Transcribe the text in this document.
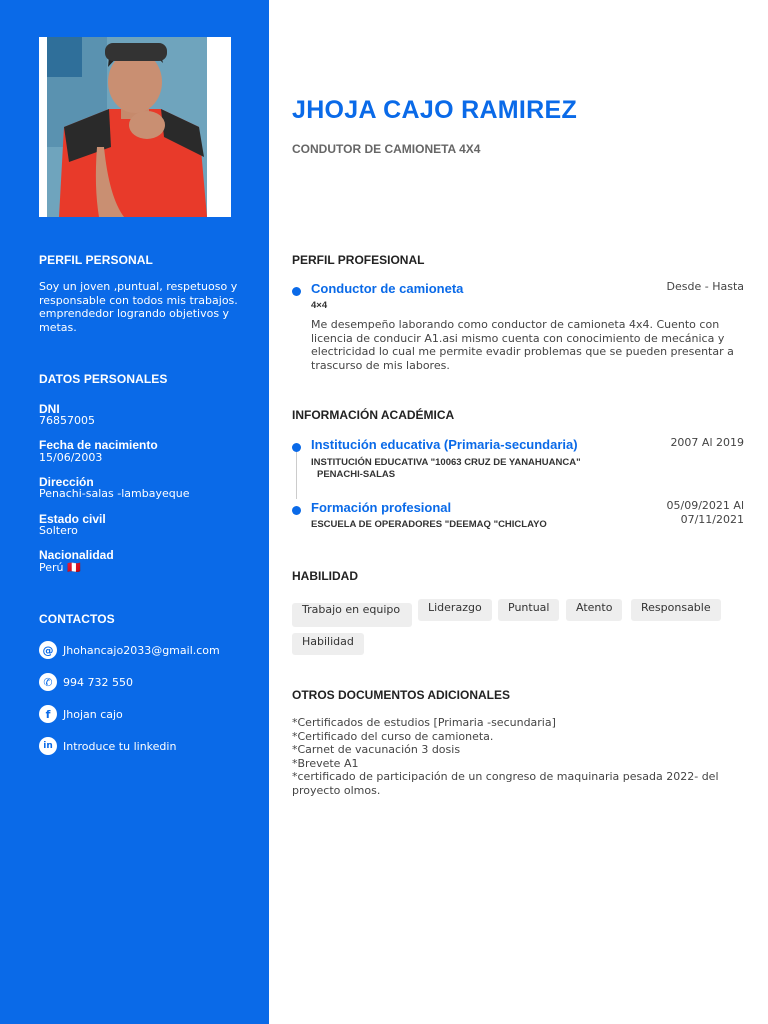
PERFIL PERSONAL
Soy un joven ,puntual, respetuoso y responsable con todos mis trabajos. emprendedor logrando objetivos y metas.
DATOS PERSONALES
DNI
76857005
Fecha de nacimiento
15/06/2003
Dirección
Penachi-salas -lambayeque
Estado civil
Soltero
Nacionalidad
Perú 🇵🇪
CONTACTOS
@ Jhohancajo2033@gmail.com
✆ 994 732 550
f	Jhojan cajo
in Introduce tu linkedin
JHOJA CAJO RAMIREZ
CONDUTOR DE CAMIONETA 4X4
PERFIL PROFESIONAL
Conductor de camioneta	Desde - Hasta
4×4
Me desempeño laborando como conductor de camioneta 4x4. Cuento con licencia de conducir A1.asi mismo cuenta con conocimiento de mecánica y electricidad lo cual me permite evadir problemas que se pueden presentar a trascurso de mis labores.
INFORMACIÓN ACADÉMICA
Institución educativa (Primaria-secundaria)	2007 Al 2019
INSTITUCIÓN EDUCATIVA "10063 CRUZ DE YANAHUANCA"
PENACHI-SALAS
Formación profesional	05/09/2021 Al
07/11/2021
ESCUELA DE OPERADORES "DEEMAQ "CHICLAYO
HABILIDAD
Trabajo en equipo	Liderazgo	Puntual	Atento	Responsable
Habilidad
OTROS DOCUMENTOS ADICIONALES
*Certificados de estudios [Primaria -secundaria]
*Certificado del curso de camioneta.
*Carnet de vacunación 3 dosis
*Brevete A1
*certificado de participación de un congreso de maquinaria pesada 2022- del proyecto olmos.
